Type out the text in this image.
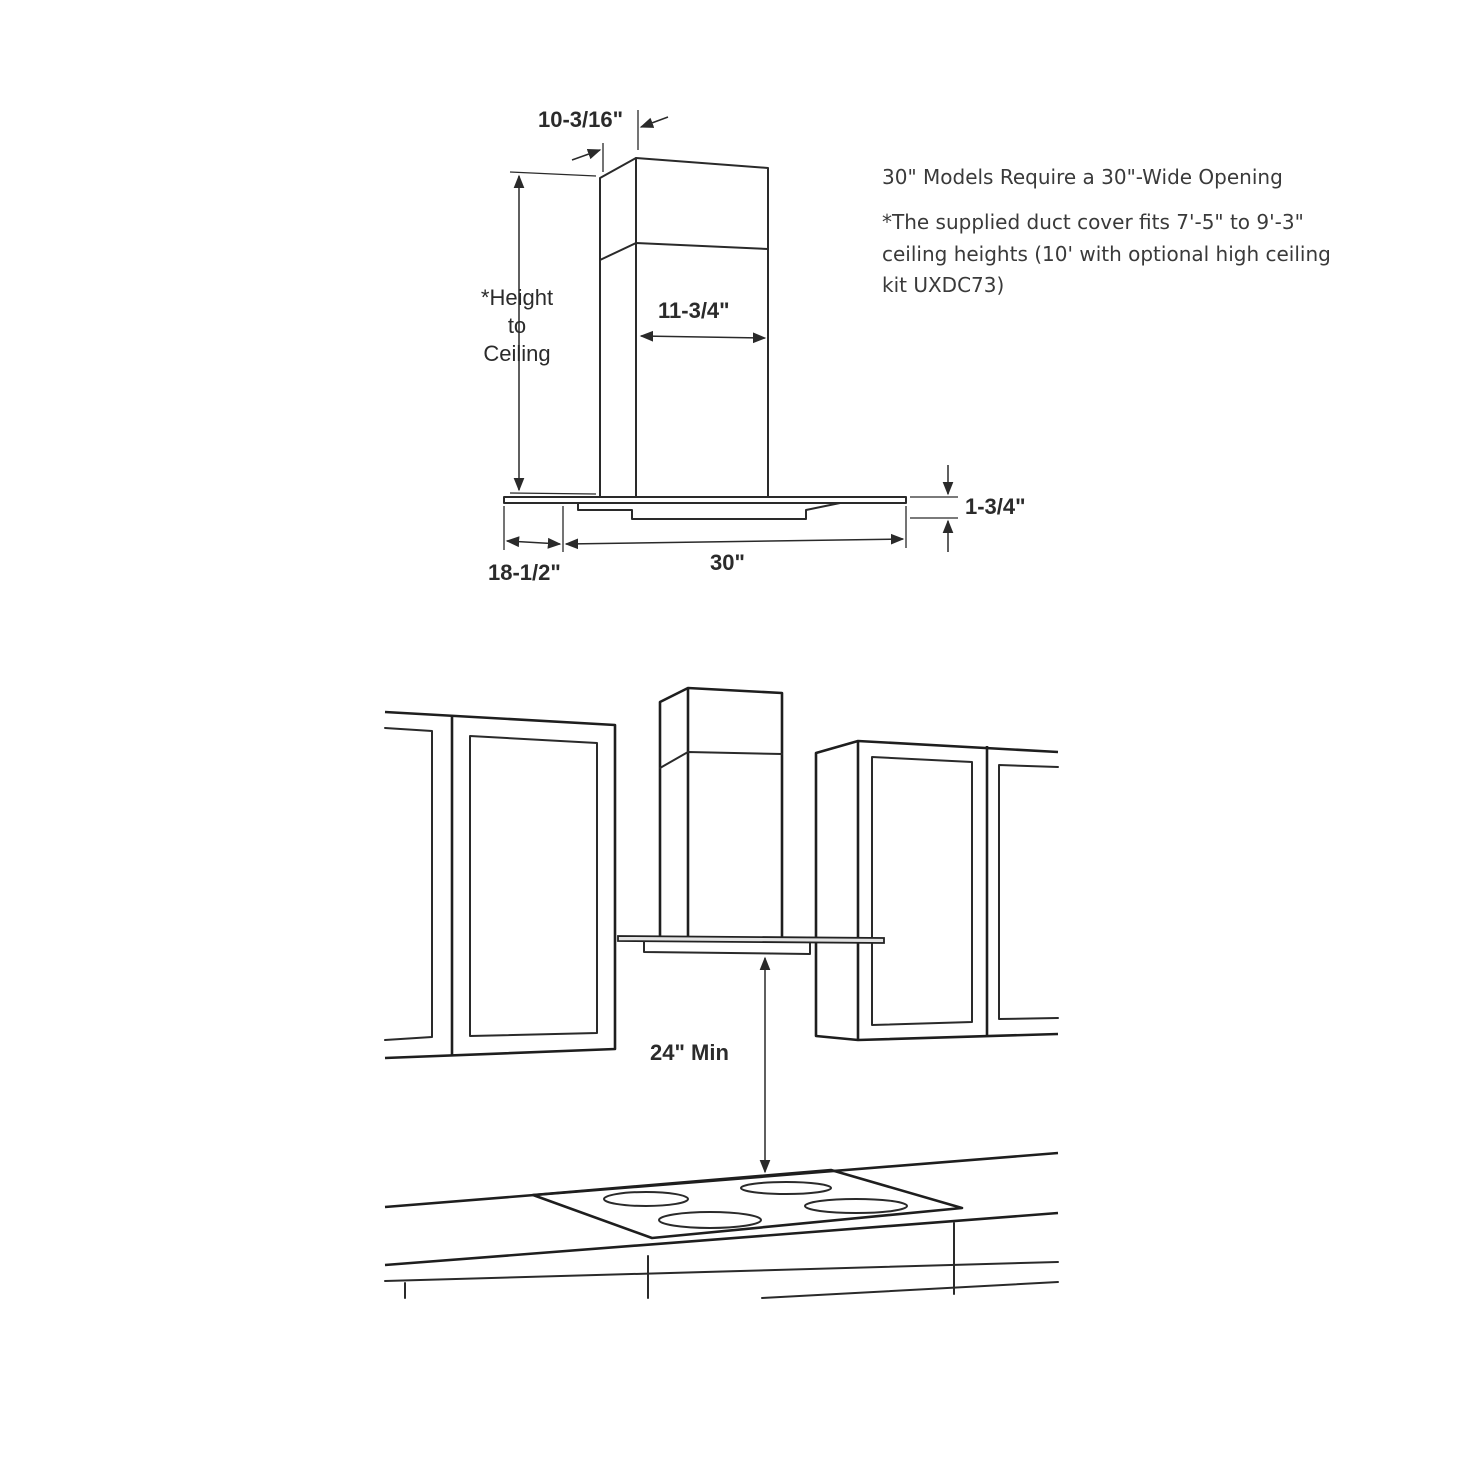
10-3/16"
11-3/4"
*Height
to
Ceiling
1-3/4"
18-1/2"	30"
30" Models Require a 30"-Wide Opening
*The supplied duct cover fits 7'-5" to 9'-3"
ceiling heights (10' with optional high ceiling
kit UXDC73)
24" Min
